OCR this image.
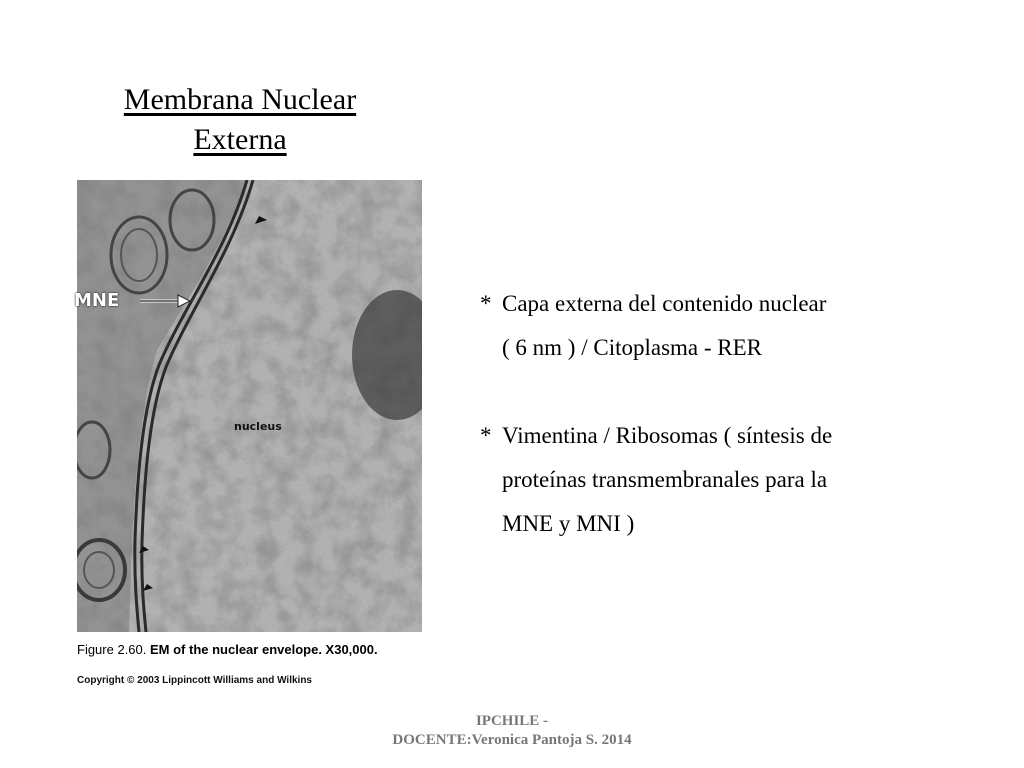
Membrana Nuclear
Externa
MNE
nucleus
Figure 2.60. EM of the nuclear envelope. X30,000.
Copyright © 2003 Lippincott Williams and Wilkins
* Capa externa del contenido nuclear
( 6 nm ) / Citoplasma - RER
* Vimentina / Ribosomas ( síntesis de
proteínas transmembranales para la
MNE y MNI )
IPCHILE -
DOCENTE:Veronica Pantoja S. 2014
